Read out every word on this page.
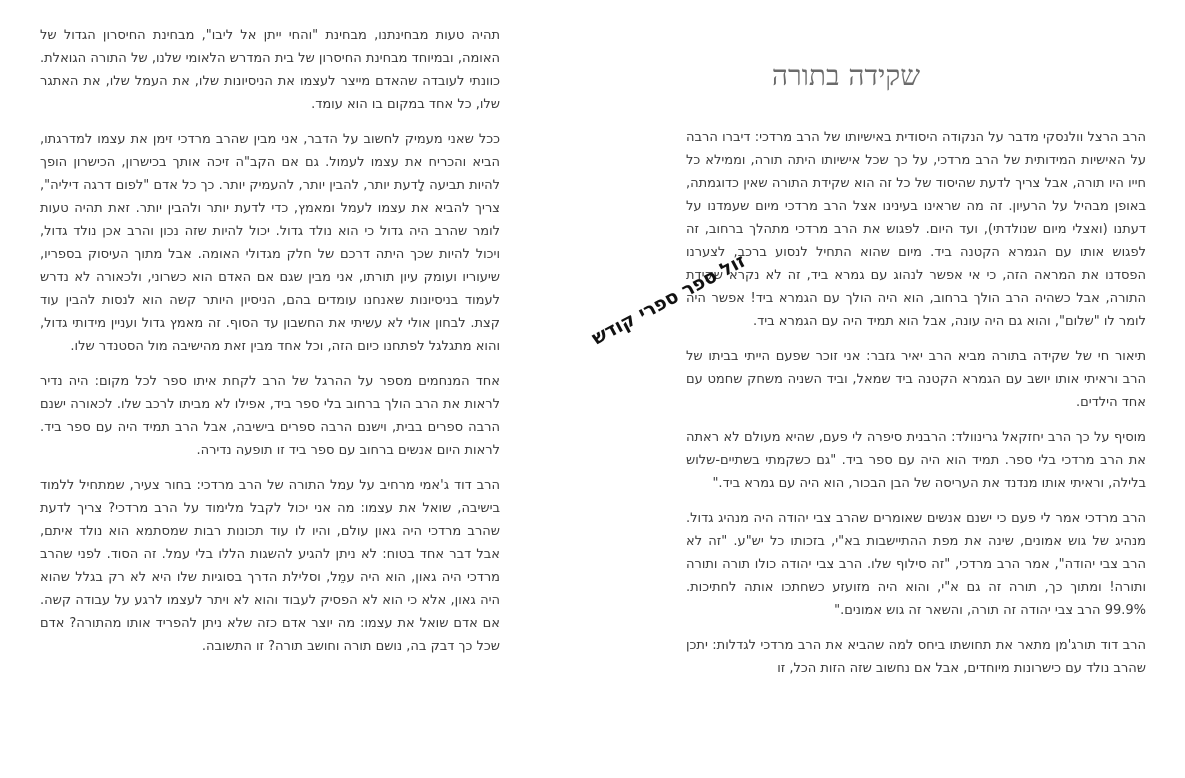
תהיה טעות מבחינתנו, מבחינת "והחי ייתן אל ליבו", מבחינת החיסרון הגדול של האומה, ובמיוחד מבחינת החיסרון של בית המדרש הלאומי שלנו, של התורה הגואלת. כוונתי לעובדה שהאדם מייצר לעצמו את הניסיונות שלו, את העמל שלו, את האתגר שלו, כל אחד במקום בו הוא עומד.

ככל שאני מעמיק לחשוב על הדבר, אני מבין שהרב מרדכי זימן את עצמו למדרגתו, הביא והכריח את עצמו לעמול. גם אם הקב"ה זיכה אותך בכישרון, הכישרון הופך להיות תביעה לָדעת יותר, להבין יותר, להעמיק יותר. כך כל אדם "לפום דרגה דיליה", צריך להביא את עצמו לעמל ומאמץ, כדי לדעת יותר ולהבין יותר. זאת תהיה טעות לומר שהרב היה גדול כי הוא נולד גדול. יכול להיות שזה נכון והרב אכן נולד גדול, ויכול להיות שכך היתה דרכם של חלק מגדולי האומה. אבל מתוך העיסוק בספריו, שיעוריו ועומק עיון תורתו, אני מבין שגם אם האדם הוא כשרוני, ולכאורה לא נדרש לעמוד בניסיונות שאנחנו עומדים בהם, הניסיון היותר קשה הוא לנסות להבין עוד קצת. לבחון אולי לא עשיתי את החשבון עד הסוף. זה מאמץ גדול ועניין מידותי גדול, והוא מתגלגל לפתחנו כיום הזה, וכל אחד מבין זאת מהישיבה מול הסטנדר שלו.

אחד המנחמים מספר על ההרגל של הרב לקחת איתו ספר לכל מקום: היה נדיר לראות את הרב הולך ברחוב בלי ספר ביד, אפילו לא מביתו לרכב שלו. לכאורה ישנם הרבה ספרים בבית, וישנם הרבה ספרים בישיבה, אבל הרב תמיד היה עם ספר ביד. לראות היום אנשים ברחוב עם ספר ביד זו תופעה נדירה.

הרב דוד ג'אמי מרחיב על עמל התורה של הרב מרדכי: בחור צעיר, שמתחיל ללמוד בישיבה, שואל את עצמו: מה אני יכול לקבל מלימוד על הרב מרדכי? צריך לדעת שהרב מרדכי היה גאון עולם, והיו לו עוד תכונות רבות שמסתמא הוא נולד איתם, אבל דבר אחד בטוח: לא ניתן להגיע להשגות הללו בלי עמל. זה הסוד. לפני שהרב מרדכי היה גאון, הוא היה עמֵל, וסלילת הדרך בסוגיות שלו היא לא רק בגלל שהוא היה גאון, אלא כי הוא לא הפסיק לעבוד והוא לא ויתר לעצמו לרגע על עבודה קשה. אם אדם שואל את עצמו: מה יוצר אדם כזה שלא ניתן להפריד אותו מהתורה? אדם שכל כך דבק בה, נושם תורה וחושב תורה? זו התשובה.

שקידה בתורה

הרב הרצל וולנסקי מדבר על הנקודה היסודית באישיותו של הרב מרדכי: דיברו הרבה על האישיות המידותית של הרב מרדכי, על כך שכל אישיותו היתה תורה, וממילא כל חייו היו תורה, אבל צריך לדעת שהיסוד של כל זה הוא שקידת התורה שאין כדוגמתה, באופן מבהיל על הרעיון. זה מה שראינו בעינינו אצל הרב מרדכי מיום שעמדנו על דעתנו (ואצלי מיום שנולדתי), ועד היום. לפגוש את הרב מרדכי מתהלך ברחוב, זה לפגוש אותו עם הגמרא הקטנה ביד. מיום שהוא התחיל לנסוע ברכב, לצערנו הפסדנו את המראה הזה, כי אי אפשר לנהוג עם גמרא ביד, זה לא נקרא שקידת התורה, אבל כשהיה הרב הולך ברחוב, הוא היה הולך עם הגמרא ביד! אפשר היה לומר לו "שלום", והוא גם היה עונה, אבל הוא תמיד היה עם הגמרא ביד.

תיאור חי של שקידה בתורה מביא הרב יאיר גזבר: אני זוכר שפעם הייתי בביתו של הרב וראיתי אותו יושב עם הגמרא הקטנה ביד שמאל, וביד השניה משחק שחמט עם אחד הילדים.

מוסיף על כך הרב יחזקאל גרינוולד: הרבנית סיפרה לי פעם, שהיא מעולם לא ראתה את הרב מרדכי בלי ספר. תמיד הוא היה עם ספר ביד. "גם כשקמתי בשתיים-שלוש בלילה, וראיתי אותו מנדנד את העריסה של הבן הבכור, הוא היה עם גמרא ביד."

הרב מרדכי אמר לי פעם כי ישנם אנשים שאומרים שהרב צבי יהודה היה מנהיג גדול. מנהיג של גוש אמונים, שינה את מפת ההתיישבות בא"י, בזכותו כל יש"ע. "זה לא הרב צבי יהודה", אמר הרב מרדכי, "זה סילוף שלו. הרב צבי יהודה כולו תורה ותורה ותורה! ומתוך כך, תורה זה גם א"י, והוא היה מזועזע כשחתכו אותה לחתיכות. 99.9% הרב צבי יהודה זה תורה, והשאר זה גוש אמונים."

הרב דוד תורג'מן מתאר את תחושתו ביחס למה שהביא את הרב מרדכי לגדלות: יתכן שהרב נולד עם כישרונות מיוחדים, אבל אם נחשוב שזה הזות הכל, זו

זול ספר ספרי קודש
